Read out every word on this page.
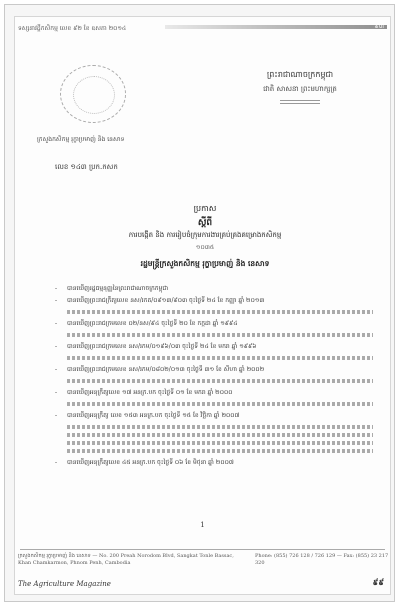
ទស្សនាវដ្តីកសិកម្ម លេខ ៩២ ខែ ឧសភា ២០១៤	៩៣
ព្រះរាជាណាចក្រកម្ពុជា
ជាតិ សាសនា ព្រះមហាក្សត្រ
ក្រសួងកសិកម្ម រុក្ខាប្រមាញ់ និង នេសាទ
លេខ ១៤៣ ប្រក.កសក
ប្រកាស
ស្តីពី
ការបង្កើត និង ការរៀបចំក្រុមការងារគ្រប់គ្រងគម្រោងកសិកម្ម
១០៣៥
រដ្ឋមន្ត្រីក្រសួងកសិកម្ម រុក្ខាប្រមាញ់ និង នេសាទ
-	បានឃើញរដ្ឋធម្មនុញ្ញនៃព្រះរាជាណាចក្រកម្ពុជា
-	បានឃើញព្រះរាជក្រឹត្យលេខ នស/រកត/០៩១៣/៩០៣ ចុះថ្ងៃទី ២៤ ខែ កញ្ញា ឆ្នាំ ២០១៣
-	បានឃើញព្រះរាជក្រមលេខ ០២/នស/៩៤ ចុះថ្ងៃទី ២០ ខែ កក្កដា ឆ្នាំ ១៩៩៤
-	បានឃើញព្រះរាជក្រមលេខ នស/រកម/០១៩៦/០៣ ចុះថ្ងៃទី ២៤ ខែ មករា ឆ្នាំ ១៩៩៦
-	បានឃើញព្រះរាជក្រមលេខ នស/រកម/០៨០២/០១៣ ចុះថ្ងៃទី ៣១ ខែ សីហា ឆ្នាំ ២០០២
-	បានឃើញអនុក្រឹត្យលេខ ១៧ អនក្រ.បក ចុះថ្ងៃទី ០១ ខែ មករា ឆ្នាំ ២០០០
-	បានឃើញអនុក្រឹត្យ លេខ ១៥៣ អនក្រ.បក ចុះថ្ងៃទី ១៥ ខែ វិច្ឆិកា ឆ្នាំ ២០០៧
-	បានឃើញអនុក្រឹត្យលេខ ៤៥ អនក្រ.បក ចុះថ្ងៃទី ០៦ ខែ មិថុនា ឆ្នាំ ២០០៧
1
ក្រសួងកសិកម្ម រុក្ខាប្រមាញ់ និង នេសាទ — No. 200 Preah Norodom Blvd, Sangkat Tonle Bassac, Khan Chamkarmon, Phnom Penh, Cambodia
Phone: (855) 726 128 / 726 129 — Fax: (855) 23 217 320
The Agriculture Magazine	៩៩
